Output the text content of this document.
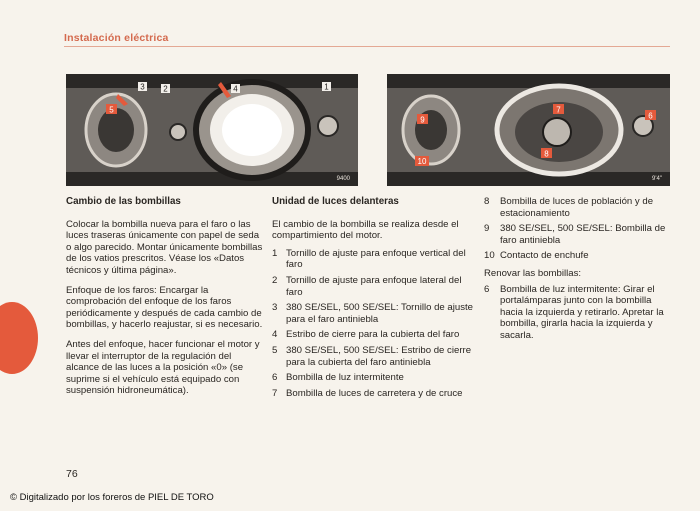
Instalación eléctrica
5
3 2	4	1
9400
9
10
7
8
6
9'4"
Cambio de las bombillas

Colocar la bombilla nueva para el faro o las luces traseras únicamente con papel de seda o algo parecido. Montar únicamente bombillas de los vatios prescritos. Véase los «Datos técnicos y última página».

Enfoque de los faros: Encargar la comprobación del enfoque de los faros periódicamente y después de cada cambio de bombillas, y hacerlo reajustar, si es necesario.

Antes del enfoque, hacer funcionar el motor y llevar el interruptor de la regulación del alcance de las luces a la posición «0» (se suprime si el vehículo está equipado con suspensión hidroneumática).

Unidad de luces delanteras

El cambio de la bombilla se realiza desde el compartimiento del motor.

1 Tornillo de ajuste para enfoque vertical del faro
2 Tornillo de ajuste para enfoque lateral del faro
3 380 SE/SEL, 500 SE/SEL: Tornillo de ajuste para el faro antiniebla
4 Estribo de cierre para la cubierta del faro
5 380 SE/SEL, 500 SE/SEL: Estribo de cierre para la cubierta del faro antiniebla
6 Bombilla de luz intermitente
7 Bombilla de luces de carretera y de cruce
8	Bombilla de luces de población y de estacionamiento
9	380 SE/SEL, 500 SE/SEL: Bombilla de faro antiniebla
10 Contacto de enchufe

Renovar las bombillas:

6	Bombilla de luz intermitente: Girar el portalámparas junto con la bombilla hacia la izquierda y retirarlo. Apretar la bombilla, girarla hacia la izquierda y sacarla.
76
© Digitalizado por los foreros de PIEL DE TORO
